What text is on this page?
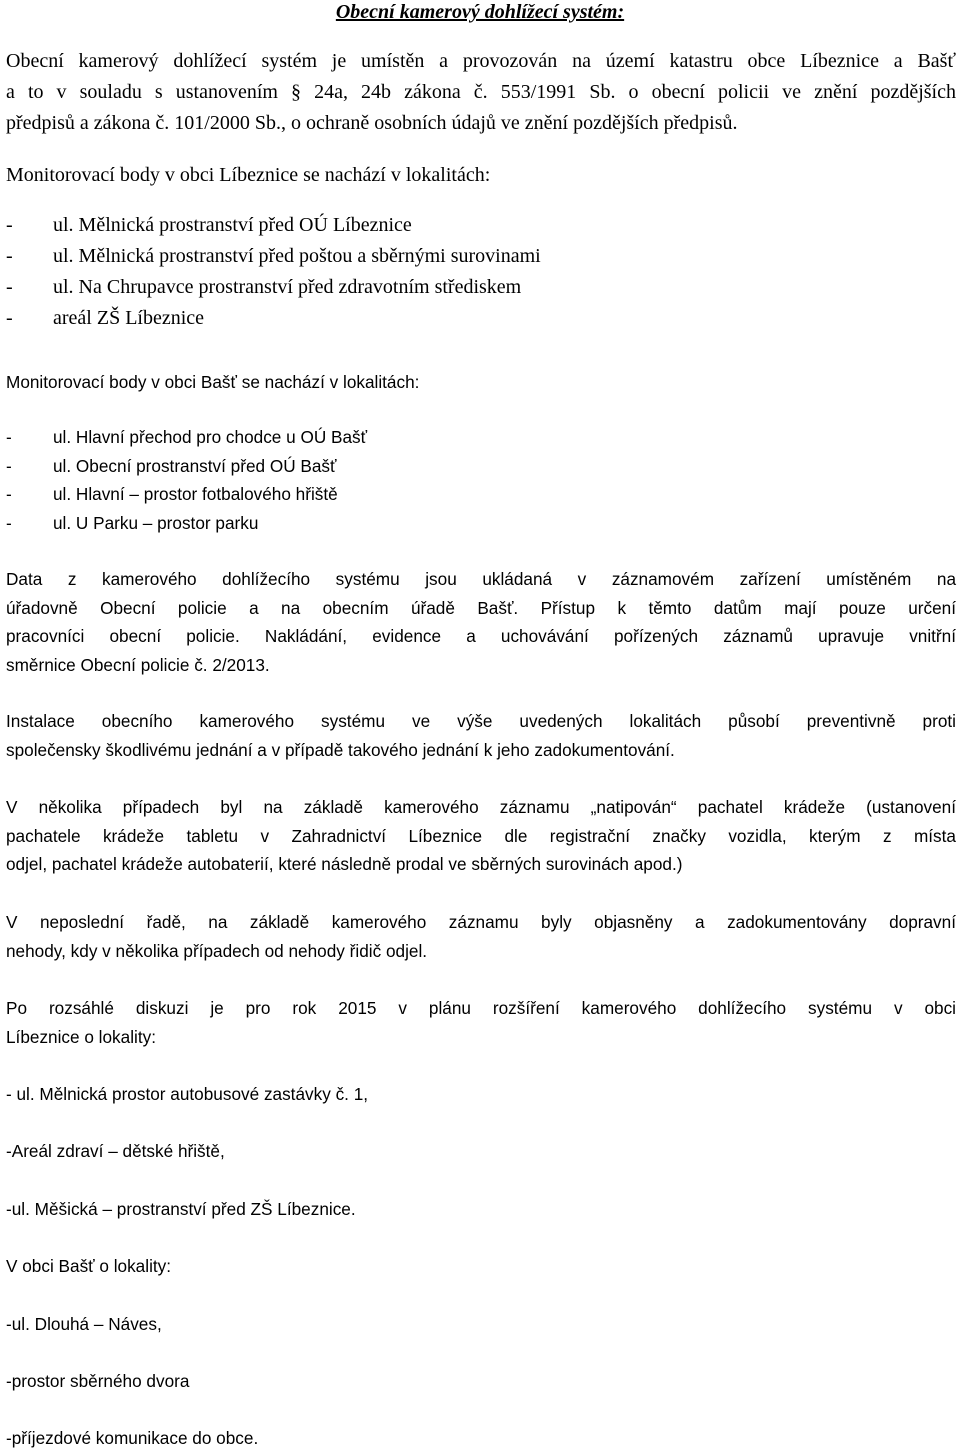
Obecní kamerový dohlížecí systém:
Obecní kamerový dohlížecí systém je umístěn a provozován na území katastru obce Líbeznice a Bašť
a to v souladu s ustanovením § 24a, 24b zákona č. 553/1991 Sb. o obecní policii ve znění pozdějších
předpisů a zákona č. 101/2000 Sb., o ochraně osobních údajů ve znění pozdějších předpisů.
Monitorovací body v obci Líbeznice se nachází v lokalitách:
- ul. Mělnická prostranství před OÚ Líbeznice
- ul. Mělnická prostranství před poštou a sběrnými surovinami
- ul. Na Chrupavce prostranství před zdravotním střediskem
- areál ZŠ Líbeznice
Monitorovací body v obci Bašť se nachází v lokalitách:
- ul. Hlavní přechod pro chodce u OÚ Bašť
- ul. Obecní prostranství před OÚ Bašť
- ul. Hlavní – prostor fotbalového hřiště
- ul. U Parku – prostor parku
Data z kamerového dohlížecího systému jsou ukládaná v záznamovém zařízení umístěném na
úřadovně Obecní policie a na obecním úřadě Bašť. Přístup k těmto datům mají pouze určení
pracovníci obecní policie. Nakládání, evidence a uchovávání pořízených záznamů upravuje vnitřní
směrnice Obecní policie č. 2/2013.
Instalace obecního kamerového systému ve výše uvedených lokalitách působí preventivně proti
společensky škodlivému jednání a v případě takového jednání k jeho zadokumentování.
V několika případech byl na základě kamerového záznamu „natipován“ pachatel krádeže (ustanovení
pachatele krádeže tabletu v Zahradnictví Líbeznice dle registrační značky vozidla, kterým z místa
odjel, pachatel krádeže autobaterií, které následně prodal ve sběrných surovinách apod.)
V neposlední řadě, na základě kamerového záznamu byly objasněny a zadokumentovány dopravní
nehody, kdy v několika případech od nehody řidič odjel.
Po rozsáhlé diskuzi je pro rok 2015 v plánu rozšíření kamerového dohlížecího systému v obci
Líbeznice o lokality:
- ul. Mělnická prostor autobusové zastávky č. 1,
-Areál zdraví – dětské hřiště,
-ul. Měšická – prostranství před ZŠ Líbeznice.
V obci Bašť o lokality:
-ul. Dlouhá – Náves,
-prostor sběrného dvora
-příjezdové komunikace do obce.
